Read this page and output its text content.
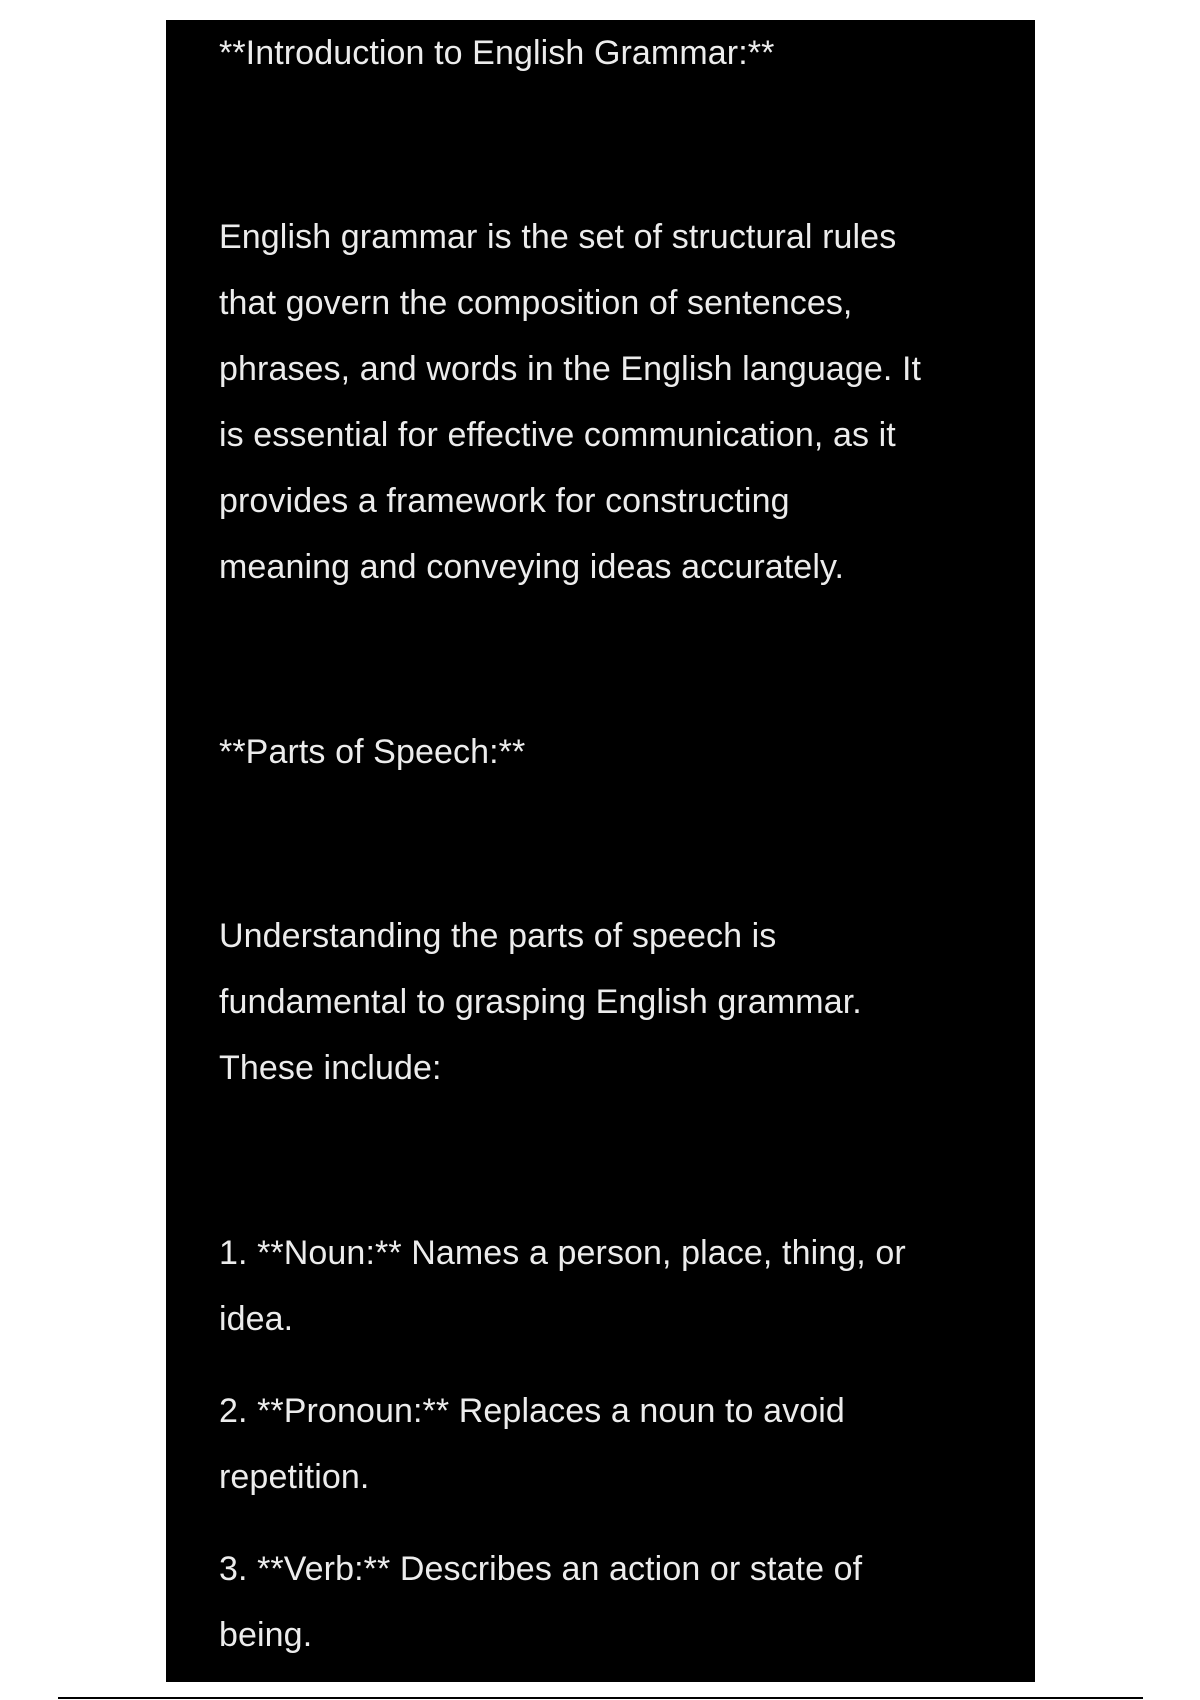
**Introduction to English Grammar:**
English grammar is the set of structural rules
that govern the composition of sentences,
phrases, and words in the English language. It
is essential for effective communication, as it
provides a framework for constructing
meaning and conveying ideas accurately.
**Parts of Speech:**
Understanding the parts of speech is
fundamental to grasping English grammar.
These include:
1. **Noun:** Names a person, place, thing, or
idea.
2. **Pronoun:** Replaces a noun to avoid
repetition.
3. **Verb:** Describes an action or state of
being.
